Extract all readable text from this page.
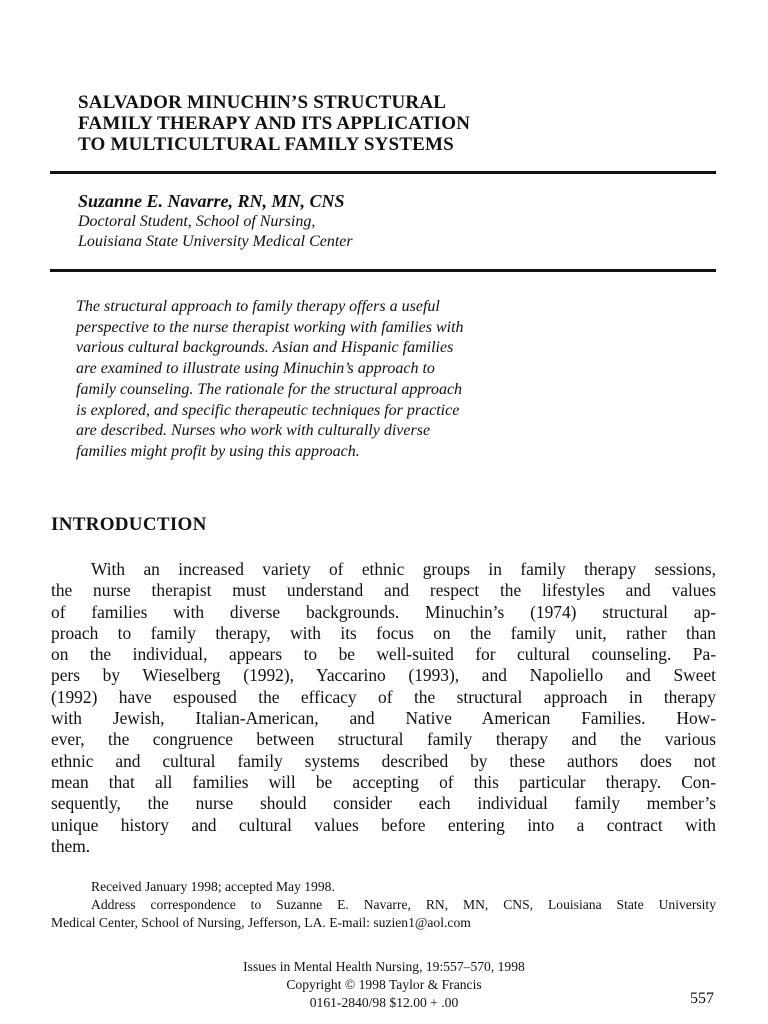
SALVADOR MINUCHIN’S STRUCTURAL
FAMILY THERAPY AND ITS APPLICATION
TO MULTICULTURAL FAMILY SYSTEMS
Suzanne E. Navarre, RN, MN, CNS
Doctoral Student, School of Nursing,
Louisiana State University Medical Center
The structural approach to family therapy offers a useful
perspective to the nurse therapist working with families with
various cultural backgrounds. Asian and Hispanic families
are examined to illustrate using Minuchin’s approach to
family counseling. The rationale for the structural approach
is explored, and specific therapeutic techniques for practice
are described. Nurses who work with culturally diverse
families might profit by using this approach.
INTRODUCTION
With an increased variety of ethnic groups in family therapy sessions,
the nurse therapist must understand and respect the lifestyles and values
of families with diverse backgrounds. Minuchin’s (1974) structural ap-
proach to family therapy, with its focus on the family unit, rather than
on the individual, appears to be well-suited for cultural counseling. Pa-
pers by Wieselberg (1992), Yaccarino (1993), and Napoliello and Sweet
(1992) have espoused the efficacy of the structural approach in therapy
with Jewish, Italian-American, and Native American Families. How-
ever, the congruence between structural family therapy and the various
ethnic and cultural family systems described by these authors does not
mean that all families will be accepting of this particular therapy. Con-
sequently, the nurse should consider each individual family member’s
unique history and cultural values before entering into a contract with
them.
Received January 1998; accepted May 1998.
Address correspondence to Suzanne E. Navarre, RN, MN, CNS, Louisiana State University
Medical Center, School of Nursing, Jefferson, LA. E-mail: suzien1@aol.com
Issues in Mental Health Nursing, 19:557–570, 1998
Copyright © 1998 Taylor & Francis
0161-2840/98 $12.00 + .00	557
